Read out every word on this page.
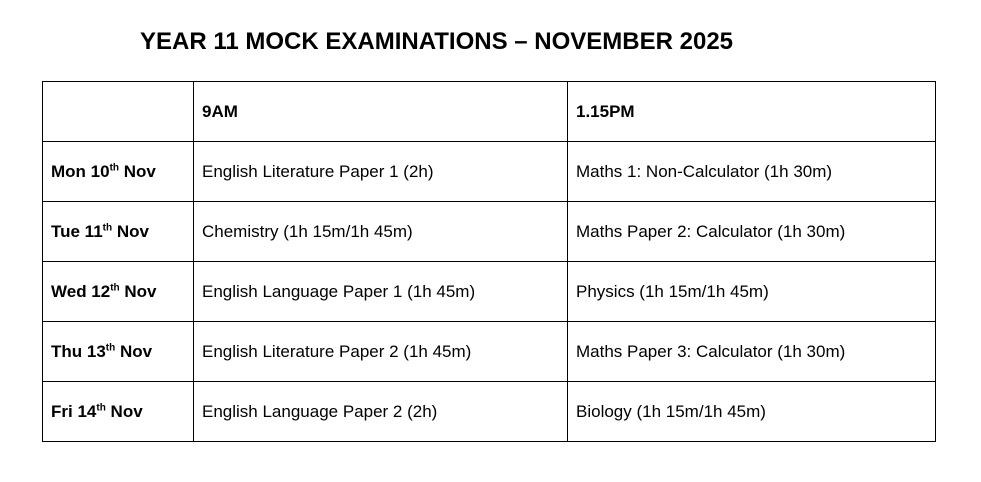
YEAR 11 MOCK EXAMINATIONS – NOVEMBER 2025
	9AM	1.15PM
Mon 10th Nov	English Literature Paper 1 (2h)	Maths 1: Non-Calculator (1h 30m)
Tue 11th Nov	Chemistry (1h 15m/1h 45m)	Maths Paper 2: Calculator (1h 30m)
Wed 12th Nov	English Language Paper 1 (1h 45m)	Physics (1h 15m/1h 45m)
Thu 13th Nov	English Literature Paper 2 (1h 45m)	Maths Paper 3: Calculator (1h 30m)
Fri 14th Nov	English Language Paper 2 (2h)	Biology (1h 15m/1h 45m)
